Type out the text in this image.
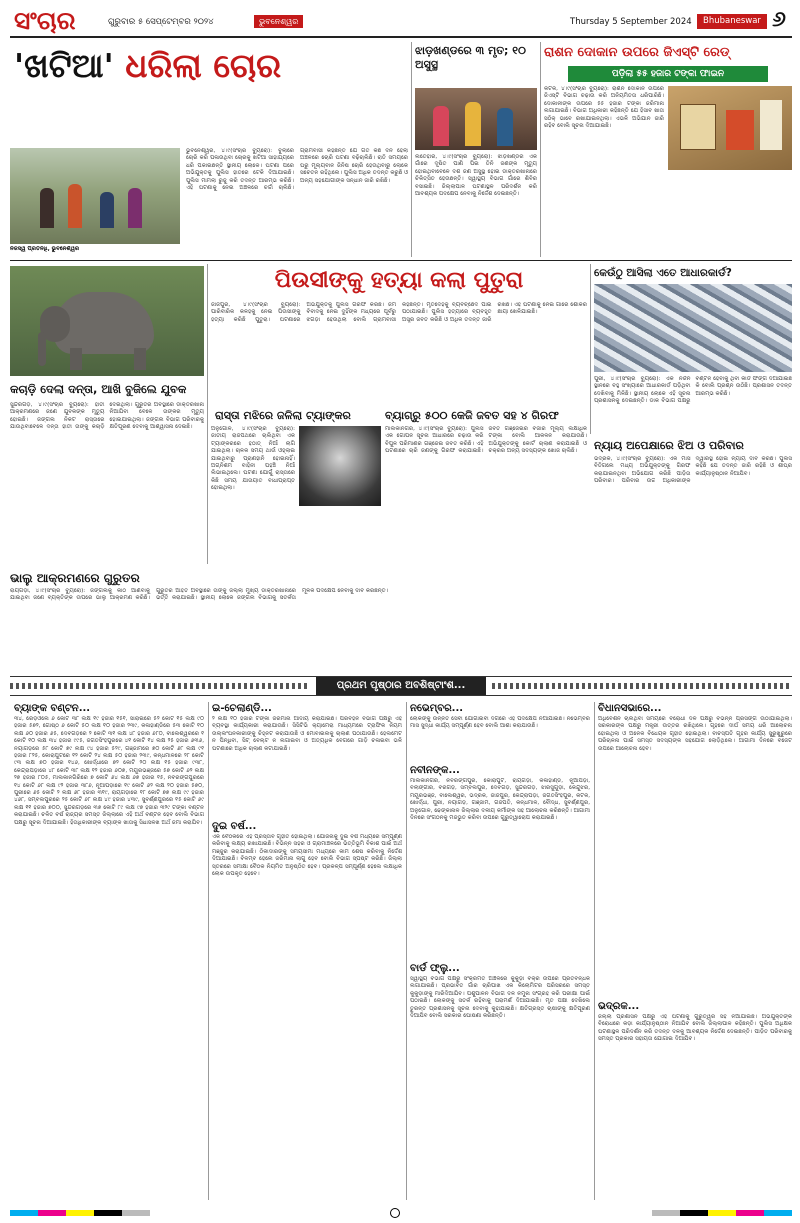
ସଂଚାର	ଗୁରୁବାର ୫ ସେପ୍ଟେମ୍ବର ୨୦୨୪	ଭୁବନେଶ୍ୱର	Thursday 5 September 2024	Bhubaneswar ୬
'ଖଟିଆ' ଧରିଲା ଚୋର
ନିଜସ୍ୱ ପ୍ରତିନିଧି, ଭୁବନେଶ୍ୱର
ଭୁବନେଶ୍ୱର, ୪।୯(ସଂଚାର ବ୍ୟୁରୋ): ବୁଲାରେ ଚୋରି କରି ପଳାଉଥିବା ଚୋରକୁ ଖଟିଆ ସାହାଯ୍ୟରେ ଧରି ପକାଇଛନ୍ତି ସ୍ଥାନୀୟ ଲୋକେ। ଘଟଣା ପରେ ଅଭିଯୁକ୍ତକୁ ପୁଲିସ ହାତରେ ଟେକି ଦିଆଯାଇଛି। ପୁଲିସ ମାମଲା ରୁଜୁ କରି ତଦନ୍ତ ଆରମ୍ଭ କରିଛି। ଏହି ଘଟଣାକୁ ନେଇ ଅଞ୍ଚଳରେ ଚର୍ଚ୍ଚା ଚାଲିଛି। ଗ୍ରାମବାସୀ କହିଛନ୍ତି ଯେ ଗତ କିଛି ଦିନ ହେଲା ଅଞ୍ଚଳରେ ଚୋରି ଘଟଣା ବଢ଼ିଚାଲିଛି। ରାତି ସମୟରେ ଘରୁ ମୂଲ୍ୟବାନ ଜିନିଷ ଚୋରି ହେଉଥିବାରୁ ଲୋକେ ସଚେତନ ରହିଥିଲେ। ପୁଲିସ ଅଧିକ ତଦନ୍ତ କରୁଛି ଓ ଅନ୍ୟ ସହଯୋଗୀଙ୍କ ସନ୍ଧାନ ଜାରି ରଖିଛି।
ଝାଡ଼ଖଣ୍ଡରେ ୩ ମୃତ; ୧୦ ଅସୁସ୍ଥ
ଲତେହାର, ୪।୯(ସଂଚାର ବ୍ୟୁରୋ): ଝାଡ଼ଖଣ୍ଡର ଏକ ଗାଁରେ ଦୂଷିତ ପାଣି ପିଇ ତିନି ଜଣଙ୍କ ମୃତ୍ୟୁ ହୋଇଥିବାବେଳେ ଦଶ ଜଣ ଅସୁସ୍ଥ ହୋଇ ଡାକ୍ତରଖାନାରେ ଚିକିତ୍ସିତ ହେଉଛନ୍ତି। ସ୍ୱାସ୍ଥ୍ୟ ବିଭାଗ ଗାଁରେ ଶିବିର ବସାଇଛି। ଜିଲ୍ଲାପାଳ ଘଟଣାସ୍ଥଳ ପରିଦର୍ଶନ କରି ଆବଶ୍ୟକ ପଦକ୍ଷେପ ନେବାକୁ ନିର୍ଦ୍ଦେଶ ଦେଇଛନ୍ତି।
ରାଶନ ଦୋକାନ ଉପରେ ଜିଏସ୍‌ଟି ରେଡ୍‌
ପଡ଼ିଲା ୫୫ ହଜାର ଟଙ୍କା ଫାଇନ
କଟକ, ୪।୯(ସଂଚାର ବ୍ୟୁରୋ): ରାଶନ ଦୋକାନ ଉପରେ ଜିଏସ୍‌ଟି ବିଭାଗ ଚଢ଼ାଉ କରି ଅନିୟମିତତା ଧରିପାରିଛି। ଦୋକାନୀଙ୍କ ଉପରେ ୫୫ ହଜାର ଟଙ୍କା ଜରିମାନା ଲଗାଯାଇଛି। ବିଭାଗ ଅଧିକାରୀ କହିଛନ୍ତି ଯେ ହିସାବ ଖାତା ସଠିକ୍ ଭାବେ ରଖାଯାଇନଥିଲା। ଏଭଳି ଅଭିଯାନ ଜାରି ରହିବ ବୋଲି ସୂଚନା ଦିଆଯାଇଛି।
କଚାଡ଼ି ଦେଲା ଦନ୍ତା, ଆଖି ବୁଜିଲେ ଯୁବକ
ସୁନ୍ଦରଗଡ଼, ୪।୯(ସଂଚାର ବ୍ୟୁରୋ): ହାତୀ ଆକ୍ରମଣରେ ଜଣେ ଯୁବକଙ୍କ ମୃତ୍ୟୁ ହୋଇଛି। ଜଙ୍ଗଲ ନିକଟ ରାସ୍ତାରେ ଯାଉଥିବାବେଳେ ଦନ୍ତା ହାତୀ ତାଙ୍କୁ କଚାଡ଼ି ଦେଇଥିଲା। ଗୁରୁତର ଅବସ୍ଥାରେ ଡାକ୍ତରଖାନା ନିଆଯିବା ବେଳେ ତାଙ୍କର ମୃତ୍ୟୁ ହୋଇଯାଇଥିଲା। ଜଙ୍ଗଲ ବିଭାଗ ପରିବାରକୁ କ୍ଷତିପୂରଣ ଦେବାକୁ ଆଶ୍ୱାସନା ଦେଇଛି।
ପିଉସୀଙ୍କୁ ହତ୍ୟା କଲା ପୁତୁରା
ଜାଜପୁର, ୪।୯(ସଂଚାର ବ୍ୟୁରୋ): ପାରିବାରିକ କଳହକୁ ନେଇ ପିଉସୀଙ୍କୁ ହତ୍ୟା କରିଛି ପୁତୁରା। ଘଟଣାରେ ଅଭିଯୁକ୍ତକୁ ପୁଲିସ ଗିରଫ କରିଛି। ଜମି ବିବାଦକୁ ନେଇ ଦୁହିଁଙ୍କ ମଧ୍ୟରେ ପୂର୍ବରୁ ଝଗଡ଼ା ହେଉଥିଲା ବୋଲି ଗ୍ରାମବାସୀ କହିଛନ୍ତି। ମୃତଦେହକୁ ବ୍ୟବଚ୍ଛେଦ ପାଇଁ ପଠାଯାଇଛି। ପୁଲିସ ହତ୍ୟାରେ ବ୍ୟବହୃତ ଅସ୍ତ୍ର ଜବତ କରିଛି ଓ ଅଧିକ ତଦନ୍ତ ଜାରି ରଖିଛି। ଏହି ଘଟଣାକୁ ନେଇ ଗାଁରେ ଶୋକର ଛାୟା ଖେଳିଯାଇଛି।
କେଉଁଠୁ ଆସିଲା ଏତେ ଆଧାରକାର୍ଡ?
ପୁରୀ, ୪।୯(ସଂଚାର ବ୍ୟୁରୋ): ଏକ ନିର୍ଜନ ସ୍ଥାନରେ ବହୁ ସଂଖ୍ୟାରେ ଆଧାରକାର୍ଡ ପଡ଼ିଥିବା ଦେଖିବାକୁ ମିଳିଛି। ସ୍ଥାନୀୟ ଲୋକେ ଏହି ସୂଚନା ପ୍ରଶାସନକୁ ଦେଇଛନ୍ତି। ଡାକ ବିଭାଗ ପକ୍ଷରୁ ବଣ୍ଟନ ହେବାକୁ ଥିବା କାର୍ଡ ଫିଙ୍ଗି ଦିଆଯାଇଛି କି ବୋଲି ପ୍ରଶ୍ନ ଉଠିଛି। ପ୍ରଶାସନ ତଦନ୍ତ ଆରମ୍ଭ କରିଛି।
ରାସ୍ତା ମଝିରେ ଜଳିଲା ଟ୍ୟାଙ୍କର
ଅନୁଗୋଳ, ୪।୯(ସଂଚାର ବ୍ୟୁରୋ): ଜାତୀୟ ରାଜପଥରେ ଚାଲିଥିବା ଏକ ଟ୍ୟାଙ୍କରରେ ହଠାତ୍ ନିଆଁ ଲାଗି ଯାଇଥିଲା। ଚାଳକ ସମୟ ଥାଉଁ ଓହ୍ଲାଇ ଯାଇଥିବାରୁ ପ୍ରାଣହାନି ହୋଇନାହିଁ। ଅଗ୍ନିଶମ ବାହିନୀ ପହଞ୍ଚି ନିଆଁ ଲିଭାଇଥିଲେ। ଘଟଣା ଯୋଗୁଁ ରାସ୍ତାରେ କିଛି ସମୟ ଯାତାୟାତ ବାଧାପ୍ରାପ୍ତ ହୋଇଥିଲା।
ବ୍ୟାଗ୍‌ରୁ ୫୦୦ କେଜି ଜବତ ସହ ୪ ଗିରଫ
ମାଲକାନଗିରି, ୪।୯(ସଂଚାର ବ୍ୟୁରୋ): ପୁଲିସ ଏକ ଗୋପନ ସୂଚନା ଆଧାରରେ ଚଢ଼ାଉ କରି ବିପୁଳ ପରିମାଣର ଗଞ୍ଜେଇ ଜବତ କରିଛି। ଏହି ଘଟଣାରେ ଚାରି ଜଣଙ୍କୁ ଗିରଫ କରାଯାଇଛି। ଜବତ ଗଞ୍ଜେଇର ବଜାର ମୂଲ୍ୟ ଲକ୍ଷାଧିକ ଟଙ୍କା ବୋଲି ଆକଳନ କରାଯାଉଛି। ଅଭିଯୁକ୍ତଙ୍କୁ କୋର୍ଟ ଚାଲାଣ କରାଯାଇଛି ଓ ଚକ୍ରର ଅନ୍ୟ ସଦସ୍ୟଙ୍କ ଖୋଜ ଚାଲିଛି।	ନ୍ୟାୟ ଅପେକ୍ଷାରେ ଝିଅ ଓ ପରିବାର
ଭଦ୍ରକ, ୪।୯(ସଂଚାର ବ୍ୟୁରୋ): ଏକ ମାସ ବିତିଗଲେ ମଧ୍ୟ ଅଭିଯୁକ୍ତଙ୍କୁ ଗିରଫ କରାଯାଇନଥିବା ଅଭିଯୋଗ କରିଛି ପୀଡ଼ିତା ପରିବାର। ପରିବାର ଉଚ୍ଚ ଅଧିକାରୀଙ୍କ ଦ୍ୱାରସ୍ଥ ହୋଇ ନ୍ୟାୟ ଦାବି କରିଛି। ପୁଲିସ କହିଛି ଯେ ତଦନ୍ତ ଜାରି ରହିଛି ଓ ଶୀଘ୍ର କାର୍ଯ୍ୟାନୁଷ୍ଠାନ ନିଆଯିବ।
ଭାଲୁ ଆକ୍ରମଣରେ ଗୁରୁତର
ରାୟଗଡ଼ା, ୪।୯(ସଂଚାର ବ୍ୟୁରୋ): ଜଙ୍ଗଲକୁ କାଠ ଆଣିବାକୁ ଯାଇଥିବା ଜଣେ ବ୍ୟକ୍ତିଙ୍କ ଉପରେ ଭାଲୁ ଆକ୍ରମଣ କରିଛି। ଗୁରୁତର ଆହତ ଅବସ୍ଥାରେ ତାଙ୍କୁ ଜିଲ୍ଲା ମୁଖ୍ୟ ଡାକ୍ତରଖାନାରେ ଭର୍ତ୍ତି କରାଯାଇଛି। ସ୍ଥାନୀୟ ଲୋକେ ଜଙ୍ଗଲ ବିଭାଗକୁ ସତର୍କତା ମୂଳକ ପଦକ୍ଷେପ ନେବାକୁ ଦାବି କରିଛନ୍ତି।
ପ୍ରଥମ ପୃଷ୍ଠାର ଅବଶିଷ୍ଟାଂଶ...
ବ୍ୟାଙ୍କ ବଣ୍ଟନ...
୩୪, ରେଡ଼ିଓଲେ ୬ କୋଟି ୩୮ ଲକ୍ଷ ୧୯ ହଜାର ୧୫୧, ସାରାଇରେ ୫୨ କୋଟି ୧୫ ଲକ୍ଷ ୯୦ ହଜାର ୫୭୨, ଗୋଷ୍ଠ ୬ କୋଟି ୫୦ ଲକ୍ଷ ୧୦ ହଜାର ୨୩୯, କଳାହାଣ୍ଡିରେ ୫୩ କୋଟି ୧୦ ଲକ୍ଷ ୬୦ ହଜାର ୬୫, ଦେବଗଡ଼ରେ ୨ କୋଟି ୩୧ ଲକ୍ଷ ୪୮ ହଜାର ୬୮୦, ବାଲେଶ୍ୱରରେ ୧ କୋଟି ୧୦ ଲକ୍ଷ ୩୪ ହଜାର ୯୯୫, ଜଗତସିଂହପୁରରେ ୪୧ କୋଟି ୧୪ ଲକ୍ଷ ୨୫ ହଜାର ୬୩୬, ନୟାଗଡ଼ରେ ୫୮ କୋଟି ୭୯ ଲକ୍ଷ ୯୪ ହଜାର ୫୨୯, ଗଞ୍ଜାମରେ ୭୦ କୋଟି ୬୮ ଲକ୍ଷ ୯୧ ହଜାର ୮୨୫, କୋରାପୁଟରେ ୧୨ କୋଟି ୨୪ ଲକ୍ଷ ୫୦ ହଜାର ୨୩୯, କନ୍ଧମାଳରେ ୨୮ କୋଟି ୯୩ ଲକ୍ଷ ୭୦ ହଜାର ୧୪୬, ଖୋର୍ଦ୍ଧାରେ ୭୨ କୋଟି ୨୦ ଲକ୍ଷ ୧୫ ହଜାର ୯୩୮, କେନ୍ଦ୍ରାପଡ଼ାରେ ୪୮ କୋଟି ୩୮ ଲକ୍ଷ ୧୨ ହଜାର ୬୦୭, ମୟୂରଭଞ୍ଜରେ ୫୭ କୋଟି ୬୨ ଲକ୍ଷ ୨୭ ହଜାର ୮୦୫, ମାଲକାନଗିରିରେ ୭ କୋଟି ୬୪ ଲକ୍ଷ ୬୭ ହଜାର ୧୫, ନବରଙ୍ଗପୁରରେ ୧୪ କୋଟି ୬୮ ଲକ୍ଷ ୯୨ ହଜାର ୩୮୬, ନୂଆପଡ଼ାରେ ୧୯ କୋଟି ୬୨ ଲକ୍ଷ ୨୦ ହଜାର ୫୭୦, ପୁରୀରେ ୬୫ କୋଟି ୨ ଲକ୍ଷ ୬୮ ହଜାର ୩୧୯, ରାୟଗଡ଼ାରେ ୧୮ କୋଟି ୭୭ ଲକ୍ଷ ୯୯ ହଜାର ୪୬୮, ସମ୍ବଲପୁରରେ ୨୫ କୋଟି ୬୮ ଲକ୍ଷ ୪୯ ହଜାର ୪୩୯, ସୁବର୍ଣ୍ଣପୁରରେ ୧୫ କୋଟି ୬୯ ଲକ୍ଷ ୧୧ ହଜାର ୭୦୦, ସୁନ୍ଦରଗଡ଼ରେ ୩୭ କୋଟି ୮୯ ଲକ୍ଷ ୯୭ ହଜାର ୩୨୯ ଟଙ୍କା ବଣ୍ଟନ କରାଯାଇଛି। ଚଳିତ ବର୍ଷ ରାଜ୍ୟର ସମସ୍ତ ଜିଲ୍ଲାରେ ଏହି ଅର୍ଥ ବଣ୍ଟନ ହେବ ବୋଲି ବିଭାଗ ପକ୍ଷରୁ ସୂଚନା ଦିଆଯାଇଛି। ହିତାଧିକାରୀଙ୍କ ବ୍ୟାଙ୍କ ଖାତାକୁ ସିଧାସଳଖ ଅର୍ଥ ଜମା କରାଯିବ।
ଇ-ଚେଲାଣ୍ଡି...
୨ ଲକ୍ଷ ୧୦ ହଜାର ଟଙ୍କା ଜରିମାନା ଆଦାୟ କରାଯାଇଛି। ପରିବହନ ବିଭାଗ ପକ୍ଷରୁ ଏହି ବ୍ୟବସ୍ଥା କାର୍ଯ୍ୟକାରୀ କରାଯାଉଛି। ସିସିଟିଭି କ୍ୟାମେରା ମାଧ୍ୟମରେ ଟ୍ରାଫିକ ନିୟମ ଉଲ୍ଲଂଘନକାରୀଙ୍କୁ ଚିହ୍ନଟ କରାଯାଉଛି ଓ ମୋବାଇଲକୁ ଚାଲାଣ ପଠାଯାଉଛି। ହେଲମେଟ ନ ପିନ୍ଧିବା, ସିଟ୍ ବେଲ୍ଟ ନ ଲଗାଇବା ଓ ଅତ୍ୟଧିକ ବେଗରେ ଗାଡ଼ି ଚଳାଇବା ଭଳି ଘଟଣାରେ ଅଧିକ ଚାଲାଣ କଟାଯାଇଛି।
ଦୁଇ ବର୍ଷ...
ଏକ ବୈଠକରେ ଏହି ପ୍ରସ୍ତାବ ଗୃହୀତ ହୋଇଥିଲା। ଯୋଜନାକୁ ଦୁଇ ବର୍ଷ ମଧ୍ୟରେ ସମ୍ପୂର୍ଣ୍ଣ କରିବାକୁ ଲକ୍ଷ୍ୟ ରଖାଯାଇଛି। ବିଭିନ୍ନ ସହର ଓ ଗ୍ରାମାଞ୍ଚଳରେ ଭିତ୍ତିଭୂମି ବିକାଶ ପାଇଁ ଅର୍ଥ ମଞ୍ଜୁର କରାଯାଇଛି। ଠିକାଦାରଙ୍କୁ ସମୟସୀମା ମଧ୍ୟରେ କାମ ଶେଷ କରିବାକୁ ନିର୍ଦ୍ଦେଶ ଦିଆଯାଇଛି। ବିଳମ୍ବ ହେଲେ ଜରିମାନା ଲାଗୁ ହେବ ବୋଲି ବିଭାଗ ସ୍ପଷ୍ଟ କରିଛି। ଜିଲ୍ଲା ସ୍ତରରେ ସମୀକ୍ଷା ବୈଠକ ନିୟମିତ ଅନୁଷ୍ଠିତ ହେବ। ପ୍ରକଳ୍ପ ସମ୍ପୂର୍ଣ୍ଣ ହେଲେ ଲକ୍ଷାଧିକ ଲୋକ ଉପକୃତ ହେବେ।
ନଭେମ୍ବର...
ଲୋକଙ୍କୁ ଉନ୍ନତ ସେବା ଯୋଗାଇବା ଦିଗରେ ଏହି ପଦକ୍ଷେପ ନିଆଯାଇଛି। ନଭେମ୍ବର ମାସ ସୁଦ୍ଧା କାର୍ଯ୍ୟ ସମ୍ପୂର୍ଣ୍ଣ ହେବ ବୋଲି ଆଶା କରାଯାଉଛି।
ନବୀନଙ୍କ...
ମାଲକାନଗିରି, ନବରଙ୍ଗପୁର, କୋରାପୁଟ, ରାୟଗଡ଼ା, କଳାହାଣ୍ଡି, ନୂଆପଡ଼ା, ବଲାଙ୍ଗୀର, ବରଗଡ଼, ସମ୍ବଲପୁର, ଦେବଗଡ଼, ସୁନ୍ଦରଗଡ଼, ଝାରସୁଗୁଡ଼ା, କେନ୍ଦୁଝର, ମୟୂରଭଞ୍ଜ, ବାଲେଶ୍ୱର, ଭଦ୍ରକ, ଜାଜପୁର, କେନ୍ଦ୍ରାପଡ଼ା, ଜଗତସିଂହପୁର, କଟକ, ଖୋର୍ଦ୍ଧା, ପୁରୀ, ନୟାଗଡ଼, ଗଞ୍ଜାମ, ଗଜପତି, କନ୍ଧମାଳ, ବୌଦ୍ଧ, ସୁବର୍ଣ୍ଣପୁର, ଅନୁଗୋଳ, ଢେଙ୍କାନାଳ ଜିଲ୍ଲାର ଦଳୀୟ କର୍ମୀଙ୍କ ସହ ଆଲୋଚନା କରିଛନ୍ତି। ଆଗାମୀ ଦିନରେ ସଂଗଠନକୁ ମଜଭୁତ କରିବା ଉପରେ ଗୁରୁତ୍ୱାରୋପ କରାଯାଇଛି।
ବାର୍ଡ ଫ୍ଲୁ...
ସ୍ୱାସ୍ଥ୍ୟ ବିଭାଗ ପକ୍ଷରୁ ସଂକ୍ରମିତ ଅଞ୍ଚଳରେ କୁକୁଡ଼ା ବିକ୍ରି ଉପରେ ପ୍ରତିବନ୍ଧକ ଲଗାଯାଇଛି। ପ୍ରଭାବିତ ଗାଁର ଚାରିପାଖ ଏକ କିଲୋମିଟର ପରିସରରେ ସମସ୍ତ କୁକୁଡ଼ାଙ୍କୁ ମାରିଦିଆଯିବ। ପଶୁପାଳନ ବିଭାଗ ଦଳ ନମୁନା ସଂଗ୍ରହ କରି ପରୀକ୍ଷା ପାଇଁ ପଠାଇଛି। ଲୋକଙ୍କୁ ସତର୍କ ରହିବାକୁ ପରାମର୍ଶ ଦିଆଯାଇଛି। ମୃତ ପକ୍ଷୀ ଦେଖିଲେ ତୁରନ୍ତ ପ୍ରଶାସନକୁ ସୂଚନା ଦେବାକୁ କୁହାଯାଇଛି। କ୍ଷତିଗ୍ରସ୍ତ ଚାଷୀଙ୍କୁ କ୍ଷତିପୂରଣ ଦିଆଯିବ ବୋଲି ସରକାର ଘୋଷଣା କରିଛନ୍ତି।
ବିଧାନସଭାରେ...
ଅଧିବେଶନ ଚାଲିଥିବା ସମୟରେ ବିରୋଧୀ ଦଳ ପକ୍ଷରୁ ବିଭିନ୍ନ ପ୍ରସଙ୍ଗ ଉଠାଯାଇଥିଲା। ସରକାରଙ୍କ ପକ୍ଷରୁ ମନ୍ତ୍ରୀ ଉତ୍ତର ରଖିଥିଲେ। ଗୃହରେ ଦୀର୍ଘ ସମୟ ଧରି ଆଲୋଚନା ହୋଇଥିଲା ଓ ଅନେକ ବିଧେୟକ ଗୃହୀତ ହୋଇଥିଲା। ବାଚସ୍ପତି ଗୃହର କାର୍ଯ୍ୟ ସୁରୁଖୁରୁରେ ପରିଚାଳନା ପାଇଁ ସମସ୍ତ ସଦସ୍ୟଙ୍କ ସହଯୋଗ ଲୋଡ଼ିଥିଲେ। ଆଗାମୀ ଦିନରେ ବଜେଟ ଉପରେ ଆଲୋଚନା ହେବ।
ଭଦ୍ରକ...
ଜିଲ୍ଲା ପ୍ରଶାସନ ପକ୍ଷରୁ ଏହି ଘଟଣାକୁ ଗୁରୁତ୍ୱର ସହ ନିଆଯାଇଛି। ଅଭିଯୁକ୍ତଙ୍କ ବିରୋଧରେ କଡ଼ା କାର୍ଯ୍ୟାନୁଷ୍ଠାନ ନିଆଯିବ ବୋଲି ଜିଲ୍ଲାପାଳ କହିଛନ୍ତି। ପୁଲିସ ଅଧିକ୍ଷକ ଘଟଣାସ୍ଥଳ ପରିଦର୍ଶନ କରି ତଦନ୍ତ ଦଳକୁ ଆବଶ୍ୟକ ନିର୍ଦ୍ଦେଶ ଦେଇଛନ୍ତି। ପୀଡ଼ିତ ପରିବାରକୁ ସମସ୍ତ ପ୍ରକାର ସହାୟତା ଯୋଗାଇ ଦିଆଯିବ।
